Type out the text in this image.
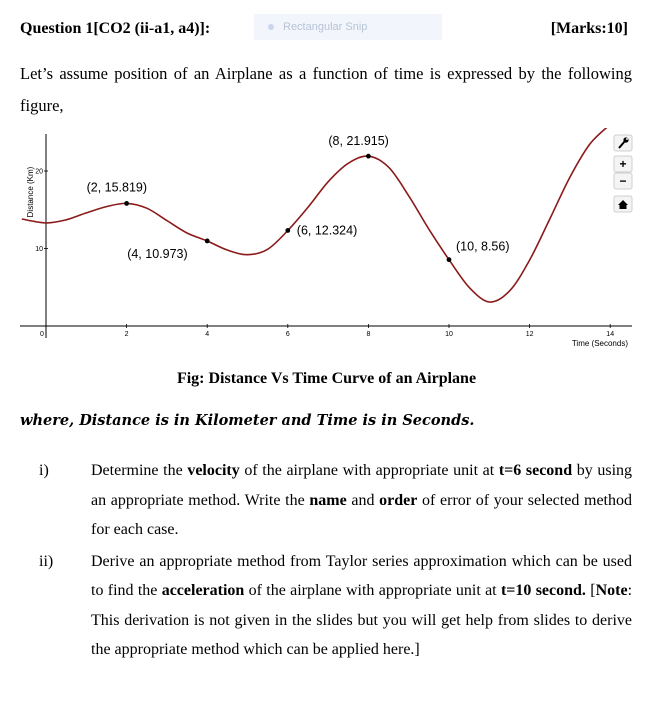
Question 1[CO2 (ii-a1, a4)]:	Rectangular Snip	[Marks:10]

Let’s assume position of an Airplane as a function of time is expressed by the following figure,

0	2	4	6	8	10	12	14
10
20
(2, 15.819)
(4, 10.973)
(6, 12.324)
(8, 21.915)
(10, 8.56)
Distance (Km)
Time (Seconds)
+
−
Fig: Distance Vs Time Curve of an Airplane
where, Distance is in Kilometer and Time is in Seconds.
i)	Determine the velocity of the airplane with appropriate unit at t=6 second by using an appropriate method. Write the name and order of error of your selected method for each case.
ii) Derive an appropriate method from Taylor series approximation which can be used to find the acceleration of the airplane with appropriate unit at t=10 second. [Note: This derivation is not given in the slides but you will get help from slides to derive the appropriate method which can be applied here.]
